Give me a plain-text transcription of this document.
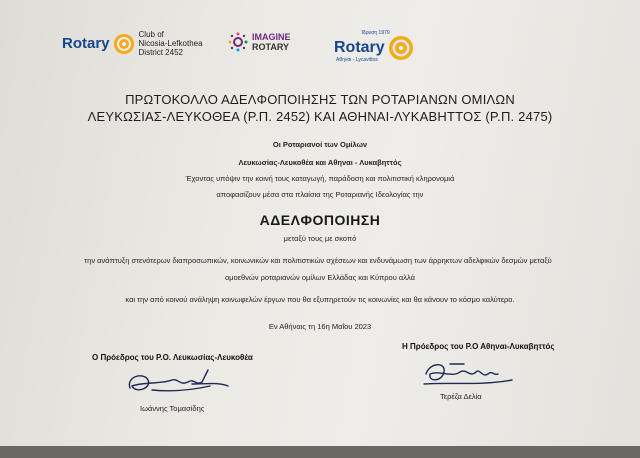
Rotary
Club of
Nicosia-Lefkothea
District 2452
IMAGINE
ROTARY	Rotary
Ίδρυση 1979
Αθηναι - Lycavittos
ΠΡΩΤΟΚΟΛΛΟ ΑΔΕΛΦΟΠΟΙΗΣΗΣ ΤΩΝ ΡΟΤΑΡΙΑΝΩΝ ΟΜΙΛΩΝ
ΛΕΥΚΩΣΙΑΣ-ΛΕΥΚΟΘΕΑ (Ρ.Π. 2452) ΚΑΙ ΑΘΗΝΑΙ-ΛΥΚΑΒΗΤΤΟΣ (Ρ.Π. 2475)
Οι Ροταριανοί των Ομίλων
Λευκωσίας-Λευκοθέα και Αθηναι - Λυκαβηττός
Έχοντας υπόψιν την κοινή τους καταγωγή, παράδοση και πολιτιστική κληρονομιά
αποφασίζουν μέσα στα πλαίσια της Ροταριανής Ιδεολογίας την
ΑΔΕΛΦΟΠΟΙΗΣΗ
μεταξύ τους με σκοπό
την ανάπτυξη στενότερων διαπροσωπικών, κοινωνικών και πολιτιστικών σχέσεων και ενδυνάμωση των άρρηκτων αδελφικών δεσμών μεταξύ
ομοεθνών ροταριανών ομίλων Ελλάδας και Κύπρου αλλά
και την από κοινού ανάληψη κοινωφελών έργων που θα εξυπηρετούν τις κοινωνίες και θα κάνουν το κόσμο καλύτερο.
Εν Αθήναις τη 16η Μαΐου 2023
Η Πρόεδρος του Ρ.Ο Αθηναι-Λυκαβηττός
Ο Πρόεδρος του Ρ.Ο. Λευκωσίας-Λευκοθέα
Ιωάννης Τομασίδης
Τερέζα Δελία
